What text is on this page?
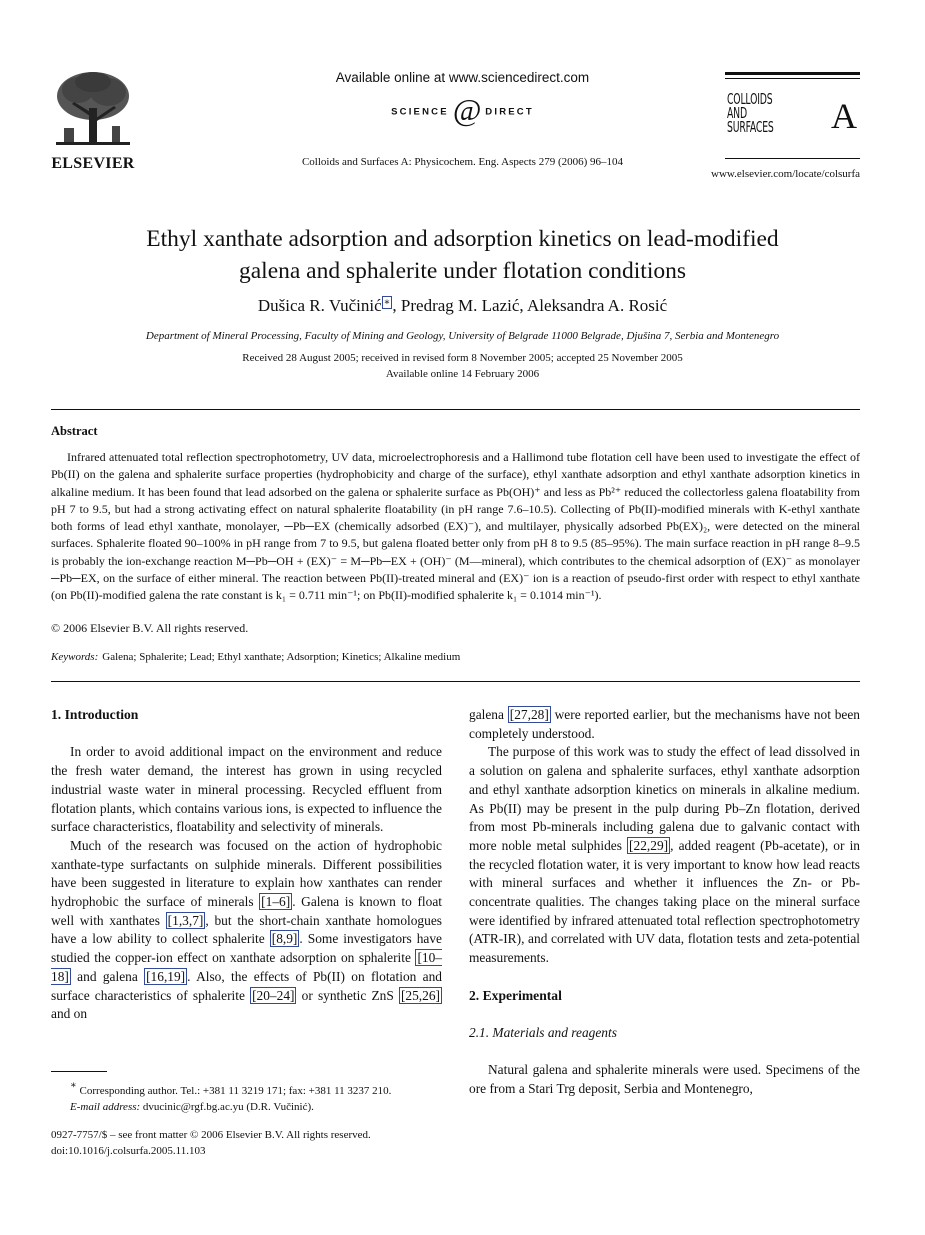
ELSEVIER
Available online at www.sciencedirect.com
SCIENCE @ DIRECT
Colloids and Surfaces A: Physicochem. Eng. Aspects 279 (2006) 96–104
COLLOIDS
AND
SURFACES A
www.elsevier.com/locate/colsurfa
Ethyl xanthate adsorption and adsorption kinetics on lead-modified
galena and sphalerite under flotation conditions
Dušica R. Vučinić ∗ , Predrag M. Lazić, Aleksandra A. Rosić
Department of Mineral Processing, Faculty of Mining and Geology, University of Belgrade 11000 Belgrade, Djušina 7, Serbia and Montenegro
Received 28 August 2005; received in revised form 8 November 2005; accepted 25 November 2005
Available online 14 February 2006
Abstract

Infrared attenuated total reflection spectrophotometry, UV data, microelectrophoresis and a Hallimond tube flotation cell have been used to investigate the effect of Pb(II) on the galena and sphalerite surface properties (hydrophobicity and charge of the surface), ethyl xanthate adsorption and ethyl xanthate adsorption kinetics in alkaline medium. It has been found that lead adsorbed on the galena or sphalerite surface as Pb(OH)⁺ and less as Pb²⁺ reduced the collectorless galena floatability from pH 7 to 9.5, but had a strong activating effect on natural sphalerite floatability (in pH range 7.6–10.5). Collecting of Pb(II)-modified minerals with K-ethyl xanthate both forms of lead ethyl xanthate, monolayer, ─Pb─EX (chemically adsorbed (EX)⁻), and multilayer, physically adsorbed Pb(EX)₂, were detected on the mineral surfaces. Sphalerite floated 90–100% in pH range from 7 to 9.5, but galena floated better only from pH 8 to 9.5 (85–95%). The main surface reaction in pH range 8–9.5 is probably the ion-exchange reaction M─Pb─OH + (EX)⁻ = M─Pb─EX + (OH)⁻ (M—mineral), which contributes to the chemical adsorption of (EX)⁻ as monolayer ─Pb─EX, on the surface of either mineral. The reaction between Pb(II)-treated mineral and (EX)⁻ ion is a reaction of pseudo-first order with respect to ethyl xanthate (on Pb(II)-modified galena the rate constant is k₁ = 0.711 min⁻¹; on Pb(II)-modified sphalerite k₁ = 0.1014 min⁻¹).

© 2006 Elsevier B.V. All rights reserved.
Keywords: Galena; Sphalerite; Lead; Ethyl xanthate; Adsorption; Kinetics; Alkaline medium

1. Introduction

In order to avoid additional impact on the environment and reduce the fresh water demand, the interest has grown in using recycled industrial waste water in mineral processing. Recycled effluent from flotation plants, which contains various ions, is expected to influence the surface characteristics, floatability and selectivity of minerals.

Much of the research was focused on the action of hydrophobic xanthate-type surfactants on sulphide minerals. Different possibilities have been suggested in literature to explain how xanthates can render hydrophobic the surface of minerals [1–6] . Galena is known to float well with xanthates [1,3,7] , but the short-chain xanthate homologues have a low ability to collect sphalerite [8,9] . Some investigators have studied the copper-ion effect on xanthate adsorption on sphalerite [10–18] and galena [16,19] . Also, the effects of Pb(II) on flotation and surface characteristics of sphalerite [20–24] or synthetic ZnS [25,26] and on

galena [27,28] were reported earlier, but the mechanisms have not been completely understood.

The purpose of this work was to study the effect of lead dissolved in a solution on galena and sphalerite surfaces, ethyl xanthate adsorption and ethyl xanthate adsorption kinetics on minerals in alkaline medium. As Pb(II) may be present in the pulp during Pb–Zn flotation, derived from most Pb-minerals including galena due to galvanic contact with more noble metal sulphides [22,29] , added reagent (Pb-acetate), or in the recycled flotation water, it is very important to know how lead reacts with mineral surfaces and whether it influences the Zn- or Pb-concentrate qualities. The changes taking place on the mineral surface were identified by infrared attenuated total reflection spectrophotometry (ATR-IR), and correlated with UV data, flotation tests and zeta-potential measurements.

2. Experimental

2.1. Materials and reagents

Natural galena and sphalerite minerals were used. Specimens of the ore from a Stari Trg deposit, Serbia and Montenegro,

∗ Corresponding author. Tel.: +381 11 3219 171; fax: +381 11 3237 210.
E-mail address: dvucinic@rgf.bg.ac.yu (D.R. Vučinić).
0927-7757/$ – see front matter © 2006 Elsevier B.V. All rights reserved.
doi:10.1016/j.colsurfa.2005.11.103
